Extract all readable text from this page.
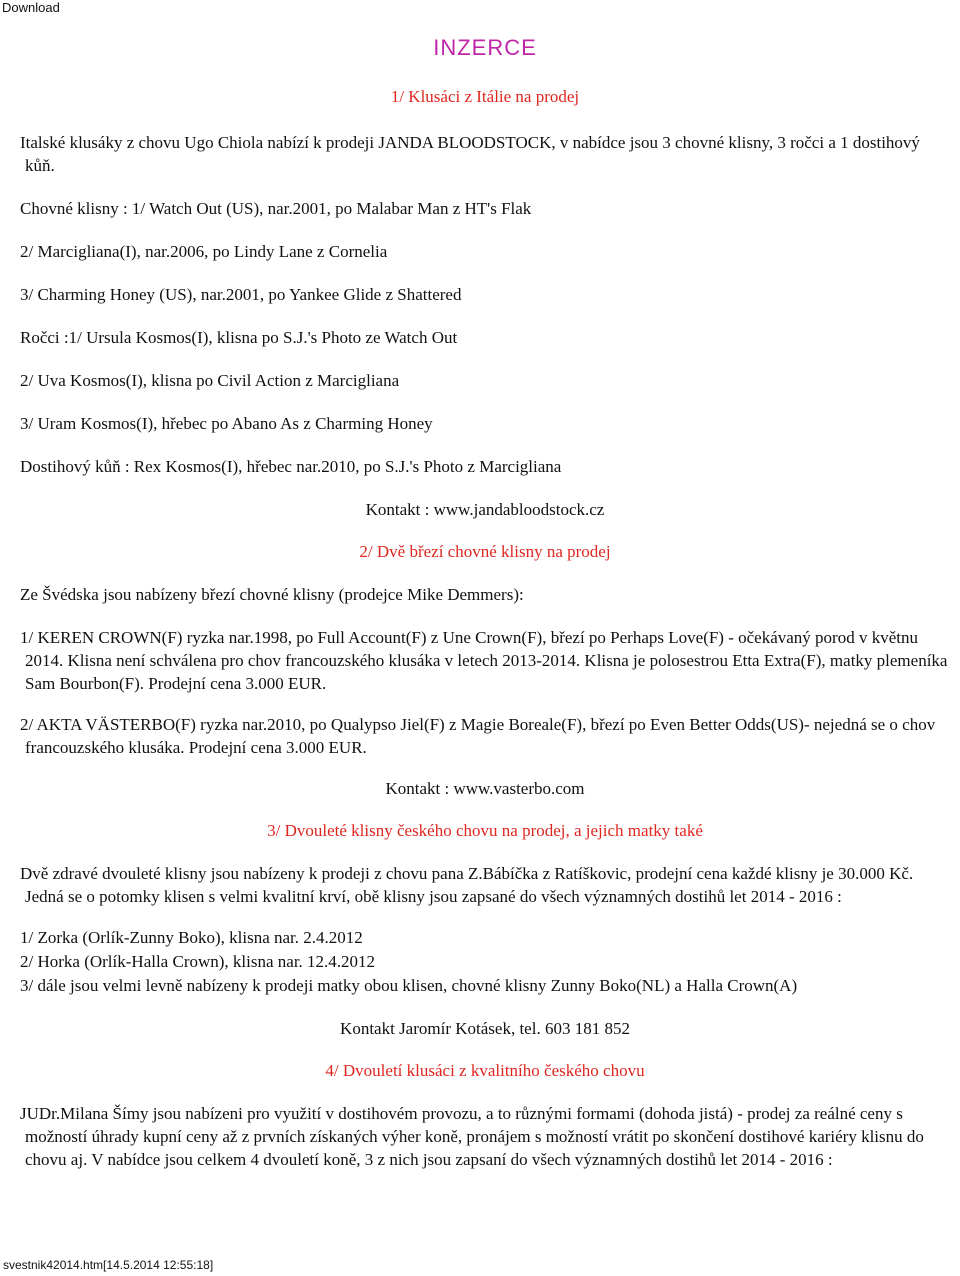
Download
INZERCE
1/ Klusáci z Itálie na prodej
Italské klusáky z chovu Ugo Chiola nabízí k prodeji JANDA BLOODSTOCK, v nabídce jsou 3 chovné klisny, 3 ročci a 1 dostihový kůň.
Chovné klisny : 1/ Watch Out (US), nar.2001, po Malabar Man z HT's Flak
2/ Marcigliana(I), nar.2006, po Lindy Lane z Cornelia
3/ Charming Honey (US), nar.2001, po Yankee Glide z Shattered
Ročci :1/ Ursula Kosmos(I), klisna po S.J.'s Photo ze Watch Out
2/ Uva Kosmos(I), klisna po Civil Action z Marcigliana
3/ Uram Kosmos(I), hřebec po Abano As z Charming Honey
Dostihový kůň : Rex Kosmos(I), hřebec nar.2010, po S.J.'s Photo z Marcigliana
Kontakt : www.jandabloodstock.cz
2/ Dvě březí chovné klisny na prodej
Ze Švédska jsou nabízeny březí chovné klisny (prodejce Mike Demmers):
1/ KEREN CROWN(F) ryzka nar.1998, po Full Account(F) z Une Crown(F), březí po Perhaps Love(F) - očekávaný porod v květnu 2014. Klisna není schválena pro chov francouzského klusáka v letech 2013-2014. Klisna je polosestrou Etta Extra(F), matky plemeníka Sam Bourbon(F). Prodejní cena 3.000 EUR.
2/ AKTA VÄSTERBO(F) ryzka nar.2010, po Qualypso Jiel(F) z Magie Boreale(F), březí po Even Better Odds(US)- nejedná se o chov francouzského klusáka. Prodejní cena 3.000 EUR.
Kontakt : www.vasterbo.com
3/ Dvouleté klisny českého chovu na prodej, a jejich matky také
Dvě zdravé dvouleté klisny jsou nabízeny k prodeji z chovu pana Z.Bábíčka z Ratíškovic, prodejní cena každé klisny je 30.000 Kč. Jedná se o potomky klisen s velmi kvalitní krví, obě klisny jsou zapsané do všech významných dostihů let 2014 - 2016 :
1/ Zorka (Orlík-Zunny Boko), klisna nar. 2.4.2012
2/ Horka (Orlík-Halla Crown), klisna nar. 12.4.2012
3/ dále jsou velmi levně nabízeny k prodeji matky obou klisen, chovné klisny Zunny Boko(NL) a Halla Crown(A)
Kontakt Jaromír Kotásek, tel. 603 181 852
4/ Dvouletí klusáci z kvalitního českého chovu
JUDr.Milana Šímy jsou nabízeni pro využití v dostihovém provozu, a to různými formami (dohoda jistá) - prodej za reálné ceny s možností úhrady kupní ceny až z prvních získaných výher koně, pronájem s možností vrátit po skončení dostihové kariéry klisnu do chovu aj. V nabídce jsou celkem 4 dvouletí koně, 3 z nich jsou zapsaní do všech významných dostihů let 2014 - 2016 :
svestnik42014.htm[14.5.2014 12:55:18]
